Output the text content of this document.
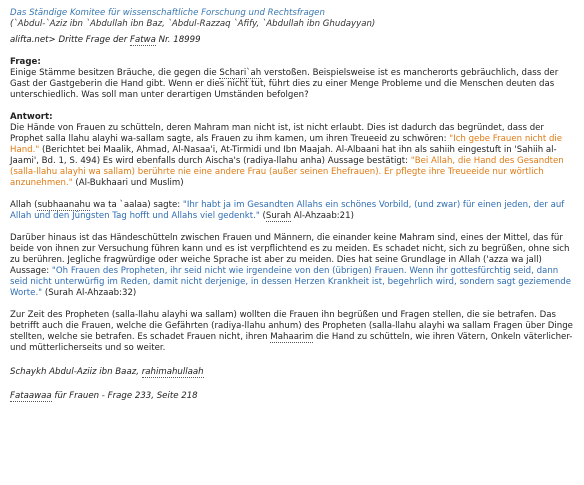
Das Ständige Komitee für wissenschaftliche Forschung und Rechtsfragen

(`Abdul-`Aziz ibn `Abdullah ibn Baz, `Abdul-Razzaq `Afify, `Abdullah ibn Ghudayyan)

alifta.net> Dritte Frage der Fatwa Nr. 18999

Frage:

Einige Stämme besitzen Bräuche, die gegen die Schari`ah verstoßen. Beispielsweise ist es mancherorts gebräuchlich, dass der Gast der Gastgeberin die Hand gibt. Wenn er dies nicht tut, führt dies zu einer Menge Probleme und die Menschen deuten das unterschiedlich. Was soll man unter derartigen Umständen befolgen?

Antwort:

Die Hände von Frauen zu schütteln, deren Mahram man nicht ist, ist nicht erlaubt. Dies ist dadurch das begründet, dass der Prophet salla llahu alayhi wa-sallam sagte, als Frauen zu ihm kamen, um ihren Treueeid zu schwören: "Ich gebe Frauen nicht die Hand." (Berichtet bei Maalik, Ahmad, Al-Nasaa'i, At-Tirmidi und Ibn Maajah. Al-Albaani hat ihn als sahiih eingestuft in 'Sahiih al-Jaami', Bd. 1, S. 494) Es wird ebenfalls durch Aischa's (radiya-llahu anha) Aussage bestätigt: "Bei Allah, die Hand des Gesandten (salla-llahu alayhi wa sallam) berührte nie eine andere Frau (außer seinen Ehefrauen). Er pflegte ihre Treueeide nur wörtlich anzunehmen." (Al-Bukhaari und Muslim)

Allah (subhaanahu wa ta `aalaa) sagte: "Ihr habt ja im Gesandten Allahs ein schönes Vorbild, (und zwar) für einen jeden, der auf Allah und den Jüngsten Tag hofft und Allahs viel gedenkt." (Surah Al-Ahzaab:21)

Darüber hinaus ist das Händeschütteln zwischen Frauen und Männern, die einander keine Mahram sind, eines der Mittel, das für beide von ihnen zur Versuchung führen kann und es ist verpflichtend es zu meiden. Es schadet nicht, sich zu begrüßen, ohne sich zu berühren. Jegliche fragwürdige oder weiche Sprache ist aber zu meiden. Dies hat seine Grundlage in Allah ('azza wa jall) Aussage: "Oh Frauen des Propheten, ihr seid nicht wie irgendeine von den (übrigen) Frauen. Wenn ihr gottesfürchtig seid, dann seid nicht unterwürfig im Reden, damit nicht derjenige, in dessen Herzen Krankheit ist, begehrlich wird, sondern sagt geziemende Worte." (Surah Al-Ahzaab:32)

Zur Zeit des Propheten (salla-llahu alayhi wa sallam) wollten die Frauen ihn begrüßen und Fragen stellen, die sie betrafen. Das betrifft auch die Frauen, welche die Gefährten (radiya-llahu anhum) des Propheten (salla-llahu alayhi wa sallam Fragen über Dinge stellten, welche sie betrafen. Es schadet Frauen nicht, ihren Mahaarim die Hand zu schütteln, wie ihren Vätern, Onkeln väterlicher- und mütterlicherseits und so weiter.

Schaykh Abdul-Aziiz ibn Baaz, rahimahullaah

Fataawaa für Frauen - Frage 233, Seite 218
